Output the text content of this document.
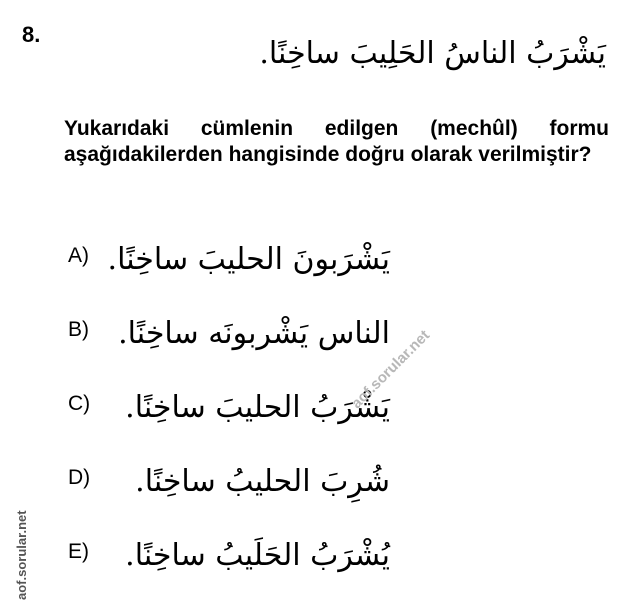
8.
يَشْرَبُ الناسُ الحَلِيبَ ساخِنًا.
Yukarıdaki cümlenin edilgen (mechûl) formu aşağıdakilerden hangisinde doğru olarak verilmiştir?
A) يَشْرَبونَ الحليبَ ساخِنًا.
B) الناس يَشْربونَه ساخِنًا.
C) يَشْرَبُ الحليبَ ساخِنًا.
D) شُرِبَ الحليبُ ساخِنًا.
E) يُشْرَبُ الحَلَيبُ ساخِنًا.
aof.sorular.net
aof.sorular.net
